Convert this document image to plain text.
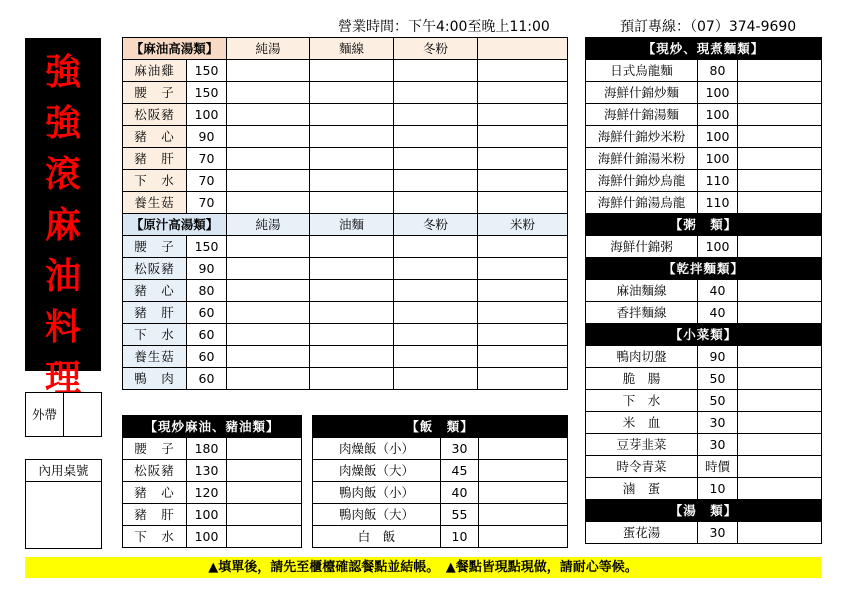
營業時間：下午4:00至晚上11:00	預訂專線：（07）374-9690
強
強
滾
麻
油
料
理
【麻油高湯類】		純湯	麵線	冬粉	
麻油雞	150				
腰　子	150				
松阪豬	100				
豬　心	90				
豬　肝	70				
下　水	70				
養生菇	70				
【原汁高湯類】		純湯	油麵	冬粉	米粉
腰　子	150				
松阪豬	90				
豬　心	80				
豬　肝	60				
下　水	60				
養生菇	60				
鴨　肉	60				
外帶	
內用桌號

【現炒麻油、豬油類】		
腰　子	180	
松阪豬	130	
豬　心	120	
豬　肝	100	
下　水	100	
【飯　類】		
肉燥飯（小）	30	
肉燥飯（大）	45	
鴨肉飯（小）	40	
鴨肉飯（大）	55	
白　飯	10	
【現炒、現煮麵類】		
日式烏龍麵	80	
海鮮什錦炒麵	100	
海鮮什錦湯麵	100	
海鮮什錦炒米粉	100	
海鮮什錦湯米粉	100	
海鮮什錦炒烏龍	110	
海鮮什錦湯烏龍	110	
【粥　類】		
海鮮什錦粥	100	
【乾拌麵類】		
麻油麵線	40	
香拌麵線	40	
【小菜類】		
鴨肉切盤	90	
脆　腸	50	
下　水	50	
米　血	30	
豆芽韭菜	30	
時令青菜	時價	
滷　蛋	10	
【湯　類】		
蛋花湯	30	
▲填單後，請先至櫃檯確認餐點並結帳。　▲餐點皆現點現做，請耐心等候。
